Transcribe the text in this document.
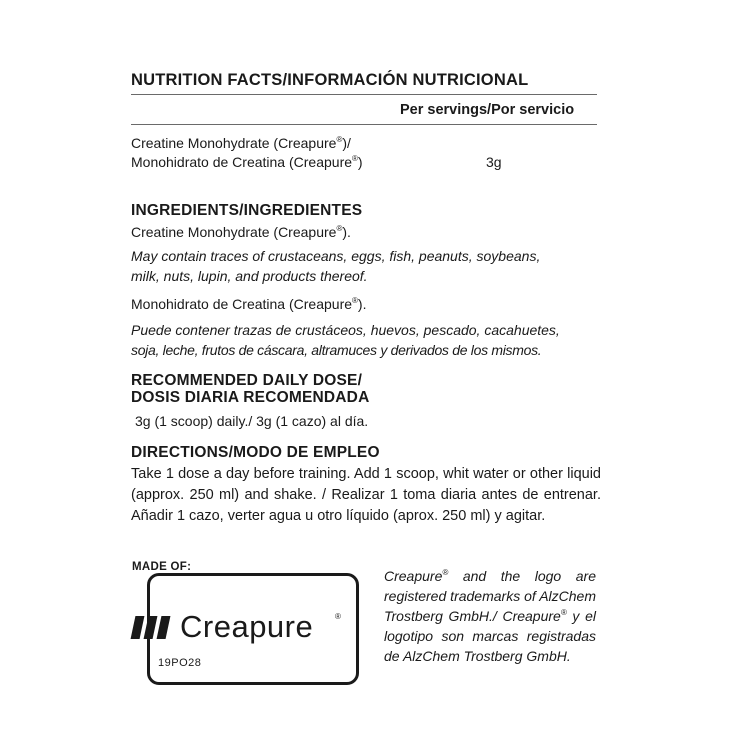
NUTRITION FACTS/INFORMACIÓN NUTRICIONAL
Per servings/Por servicio
Creatine Monohydrate (Creapure®)/
Monohidrato de Creatina (Creapure®)	3g
INGREDIENTS/INGREDIENTES
Creatine Monohydrate (Creapure®).
May contain traces of crustaceans, eggs, fish, peanuts, soybeans,
milk, nuts, lupin, and products thereof.
Monohidrato de Creatina (Creapure®).
Puede contener trazas de crustáceos, huevos, pescado, cacahuetes,
soja, leche, frutos de cáscara, altramuces y derivados de los mismos.
RECOMMENDED DAILY DOSE/
DOSIS DIARIA RECOMENDADA
3g (1 scoop) daily./ 3g (1 cazo) al día.
DIRECTIONS/MODO DE EMPLEO
Take 1 dose a day before training. Add 1 scoop, whit water or other liquid (approx. 250 ml) and shake. / Realizar 1 toma diaria antes de entrenar. Añadir 1 cazo, verter agua u otro líquido (aprox. 250 ml) y agitar.
MADE OF:
Creapure	®
19PO28
Creapure® and the logo are registered trademarks of AlzChem Trostberg GmbH./ Creapure® y el logotipo son marcas registradas de AlzChem Trostberg GmbH.
